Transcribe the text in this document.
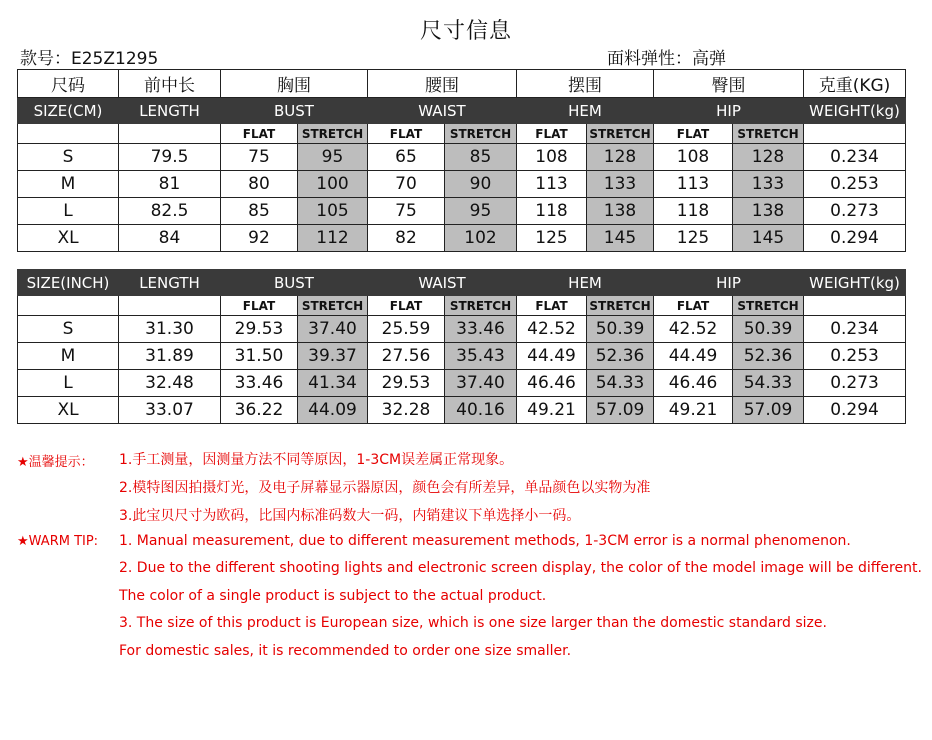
尺寸信息
款号：E25Z1295	面料弹性：高弹
尺码	前中长	胸围		腰围		摆围		臀围		克重(KG)
SIZE(CM)	LENGTH	BUST		WAIST		HEM		HIP		WEIGHT(kg)
		FLAT	STRETCH	FLAT	STRETCH	FLAT	STRETCH	FLAT	STRETCH	
S	79.5	75	95	65	85	108	128	108	128	0.234
M	81	80	100	70	90	113	133	113	133	0.253
L	82.5	85	105	75	95	118	138	118	138	0.273
XL	84	92	112	82	102	125	145	125	145	0.294
SIZE(INCH)	LENGTH	BUST		WAIST		HEM		HIP		WEIGHT(kg)
		FLAT	STRETCH	FLAT	STRETCH	FLAT	STRETCH	FLAT	STRETCH	
S	31.30	29.53	37.40	25.59	33.46	42.52	50.39	42.52	50.39	0.234
M	31.89	31.50	39.37	27.56	35.43	44.49	52.36	44.49	52.36	0.253
L	32.48	33.46	41.34	29.53	37.40	46.46	54.33	46.46	54.33	0.273
XL	33.07	36.22	44.09	32.28	40.16	49.21	57.09	49.21	57.09	0.294
★温馨提示： 1.手工测量，因测量方法不同等原因，1-3CM误差属正常现象。
2.模特图因拍摄灯光，及电子屏幕显示器原因，颜色会有所差异，单品颜色以实物为准
3.此宝贝尺寸为欧码，比国内标准码数大一码，内销建议下单选择小一码。
★WARM TIP: 1. Manual measurement, due to different measurement methods, 1-3CM error is a normal phenomenon.
2. Due to the different shooting lights and electronic screen display, the color of the model image will be different.
The color of a single product is subject to the actual product.
3. The size of this product is European size, which is one size larger than the domestic standard size.
For domestic sales, it is recommended to order one size smaller.
